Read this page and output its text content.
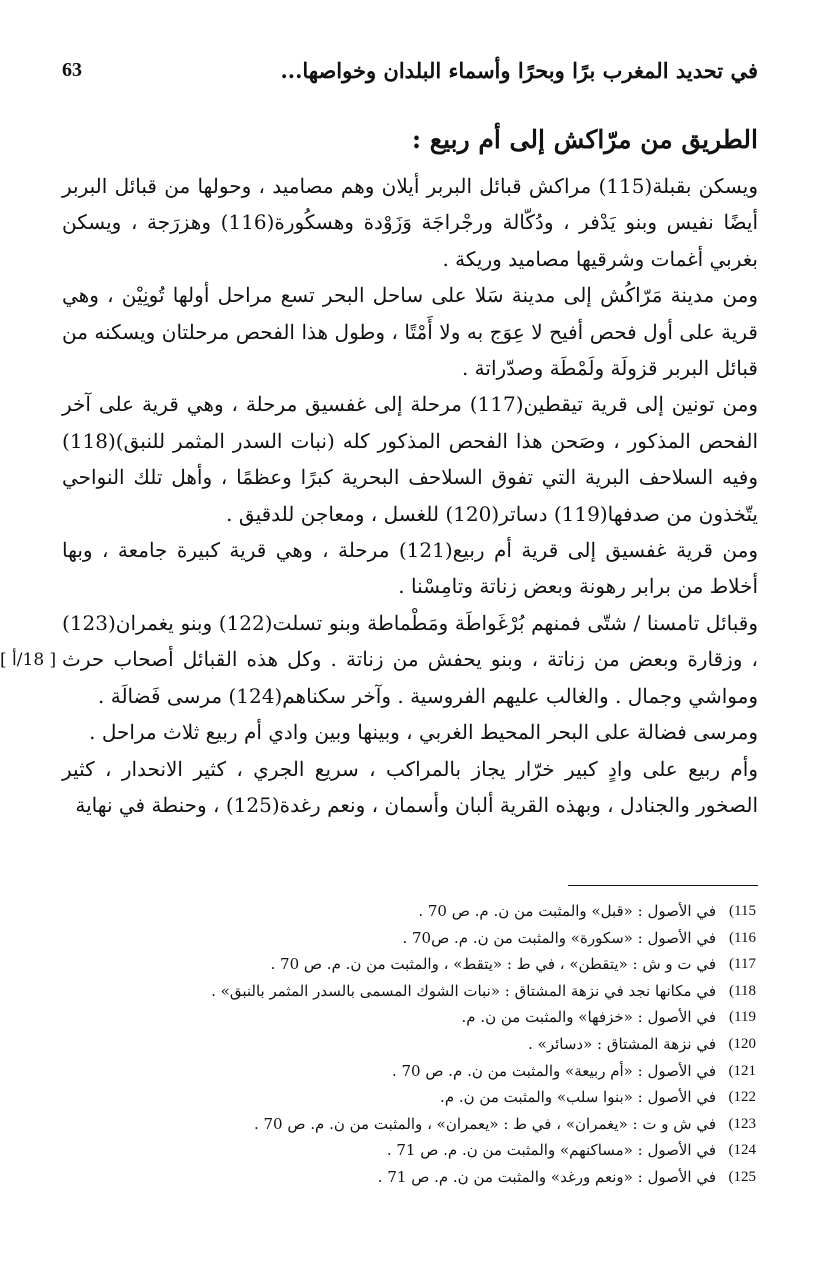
في تحديد المغرب برًا وبحرًا وأسماء البلدان وخواصها...
63
الطريق من مرّاكش إلى أم ربيع :

ويسكن بقبلة(115) مراكش قبائل البربر أيلان وهم مصاميد ، وحولها من قبائل البربر أيضًا نفيس وبنو يَدْفر ، ودُكّالة ورجْراجَة وَزَوْدة وهسكُورة(116) وهزرَجة ، ويسكن بغربي أغمات وشرقيها مصاميد وريكة .

ومن مدينة مَرّاكُش إلى مدينة سَلا على ساحل البحر تسع مراحل أولها تُونِيْن ، وهي قرية على أول فحص أفيح لا عِوَج به ولا أَمْتًا ، وطول هذا الفحص مرحلتان ويسكنه من قبائل البربر قزولَة ولَمْطَة وصدّراتة .

ومن تونين إلى قرية تيقطين(117) مرحلة إلى غفسيق مرحلة ، وهي قرية على آخر الفحص المذكور ، وصَحن هذا الفحص المذكور كله (نبات السدر المثمر للنبق)(118) وفيه السلاحف البرية التي تفوق السلاحف البحرية كبرًا وعظمًا ، وأهل تلك النواحي يتّخذون من صدفها(119) دساتر(120) للغسل ، ومعاجن للدقيق .

ومن قرية غفسيق إلى قرية أم ربيع(121) مرحلة ، وهي قرية كبيرة جامعة ، وبها أخلاط من برابر رهونة وبعض زناتة وتامِسْنا .

وقبائل تامسنا / شتّى فمنهم بُرْغَواطَة ومَطْماطة وبنو تسلت(122) وبنو يغمران(123) ، وزقارة وبعض من زناتة ، وبنو يحفش من زناتة . وكل هذه القبائل أصحاب حرث ومواشي وجمال . والغالب عليهم الفروسية . وآخر سكناهم(124) مرسى فَضالَة .

ومرسى فضالة على البحر المحيط الغربي ، وبينها وبين وادي أم ربيع ثلاث مراحل .

وأم ربيع على وادٍ كبير خرّار يجاز بالمراكب ، سريع الجري ، كثير الانحدار ، كثير الصخور والجنادل ، وبهذه القرية ألبان وأسمان ، ونعم رغدة(125) ، وحنطة في نهاية

[ 18/أ ]
115)
في الأصول : «قبل» والمثبت من ن. م. ص 70 .
116)
في الأصول : «سكورة» والمثبت من ن. م. ص70 .
117)
في ت و ش : «يتقطن» ، في ط : «يتقط» ، والمثبت من ن. م. ص 70 .
118)
في مكانها نجد في نزهة المشتاق : «نبات الشوك المسمى بالسدر المثمر بالنبق» .
119)
في الأصول : «خزفها» والمثبت من ن. م.
120)
في نزهة المشتاق : «دسائر» .
121)
في الأصول : «أم ربيعة» والمثبت من ن. م. ص 70 .
122)
في الأصول : «بنوا سلب» والمثبت من ن. م.
123)
في ش و ت : «يغمران» ، في ط : «يعمران» ، والمثبت من ن. م. ص 70 .
124)
في الأصول : «مساكنهم» والمثبت من ن. م. ص 71 .
125)
في الأصول : «ونعم ورغد» والمثبت من ن. م. ص 71 .
